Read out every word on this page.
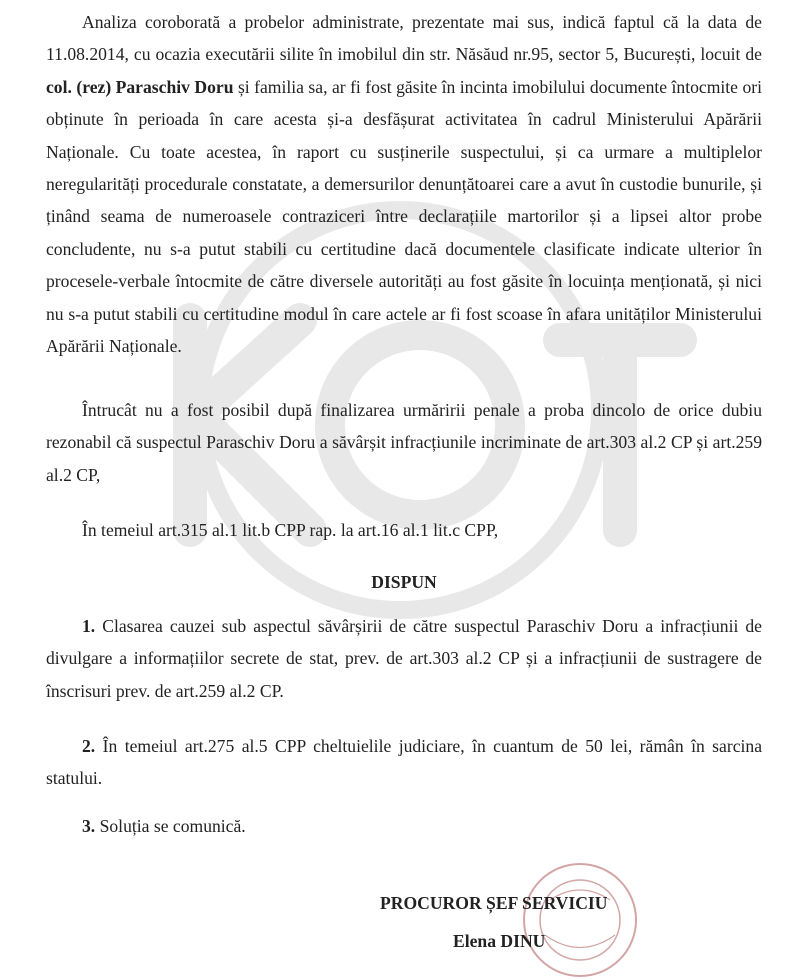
Analiza coroborată a probelor administrate, prezentate mai sus, indică faptul că la data de 11.08.2014, cu ocazia executării silite în imobilul din str. Năsăud nr.95, sector 5, București, locuit de col. (rez) Paraschiv Doru și familia sa, ar fi fost găsite în incinta imobilului documente întocmite ori obținute în perioada în care acesta și-a desfășurat activitatea în cadrul Ministerului Apărării Naționale. Cu toate acestea, în raport cu susținerile suspectului, și ca urmare a multiplelor neregularități procedurale constatate, a demersurilor denunțătoarei care a avut în custodie bunurile, și ținând seama de numeroasele contraziceri între declarațiile martorilor și a lipsei altor probe concludente, nu s-a putut stabili cu certitudine dacă documentele clasificate indicate ulterior în procesele-verbale întocmite de către diversele autorități au fost găsite în locuința menționată, și nici nu s-a putut stabili cu certitudine modul în care actele ar fi fost scoase în afara unităților Ministerului Apărării Naționale.

Întrucât nu a fost posibil după finalizarea urmăririi penale a proba dincolo de orice dubiu rezonabil că suspectul Paraschiv Doru a săvârșit infracțiunile incriminate de art.303 al.2 CP și art.259 al.2 CP,

În temeiul art.315 al.1 lit.b CPP rap. la art.16 al.1 lit.c CPP,

DISPUN

1. Clasarea cauzei sub aspectul săvârșirii de către suspectul Paraschiv Doru a infracțiunii de divulgare a informațiilor secrete de stat, prev. de art.303 al.2 CP și a infracțiunii de sustragere de înscrisuri prev. de art.259 al.2 CP.

2. În temeiul art.275 al.5 CPP cheltuielile judiciare, în cuantum de 50 lei, rămân în sarcina statului.

3. Soluția se comunică.

PROCUROR ȘEF SERVICIU

Elena DINU
